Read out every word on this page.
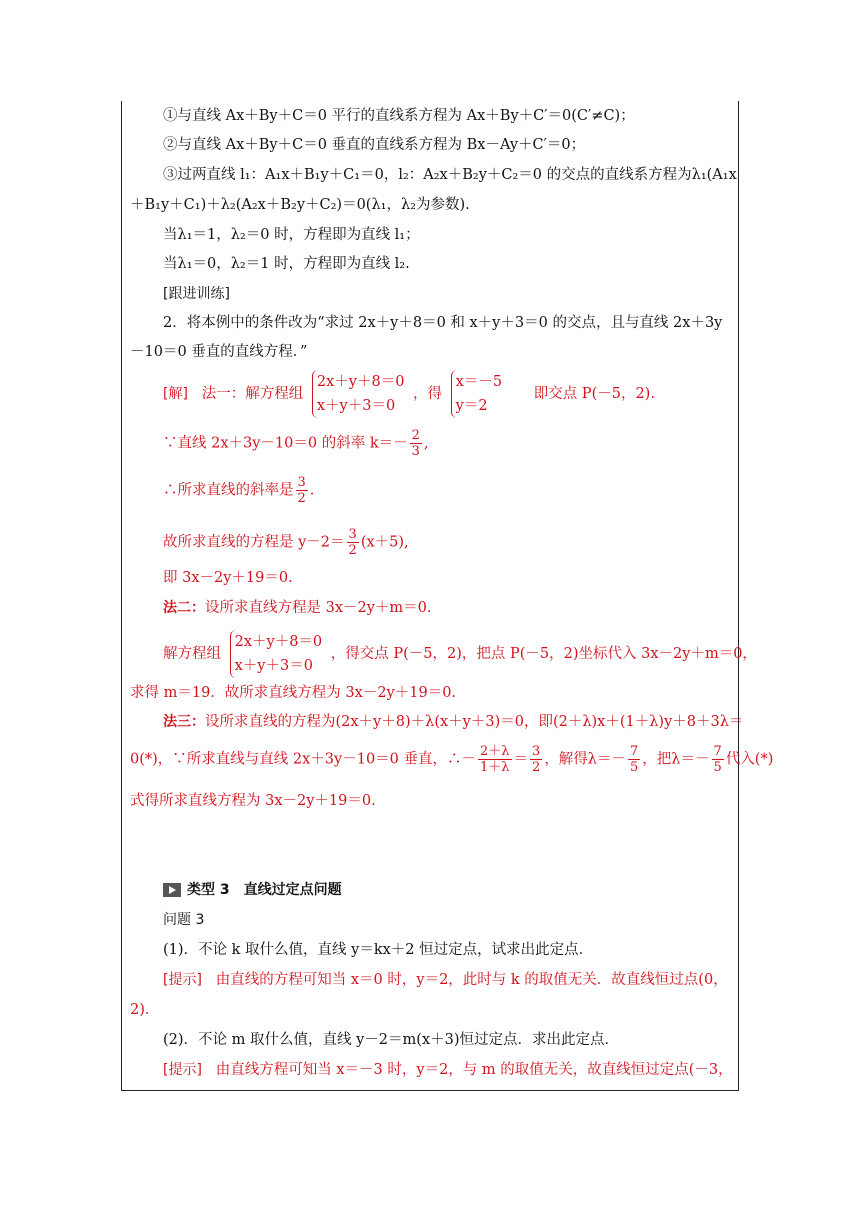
①与直线 Ax＋By＋C＝0 平行的直线系方程为 Ax＋By＋C′＝0(C′≠C)；
②与直线 Ax＋By＋C＝0 垂直的直线系方程为 Bx－Ay＋C′＝0；
③过两直线 l₁：A₁x＋B₁y＋C₁＝0，l₂：A₂x＋B₂y＋C₂＝0 的交点的直线系方程为λ₁(A₁x
＋B₁y＋C₁)＋λ₂(A₂x＋B₂y＋C₂)＝0(λ₁，λ₂为参数).
当λ₁＝1，λ₂＝0 时，方程即为直线 l₁；
当λ₁＝0，λ₂＝1 时，方程即为直线 l₂.
[跟进训练]
2．将本例中的条件改为“求过 2x＋y＋8＝0 和 x＋y＋3＝0 的交点，且与直线 2x＋3y
－10＝0 垂直的直线方程．”
[解] 法一：解方程组 2x＋y＋8＝0
x＋y＋3＝0 ，得 x＝－5
y＝2      即交点 P(－5，2).
∵直线 2x＋3y－10＝0 的斜率 $k=- \frac{2}{3}$ ,
∴所求直线的斜率是 $\frac{3}{2}$ .
故所求直线的方程是 $y-2= \frac{3}{2} (x+5)$,
即 3x－2y＋19＝0.
法二：设所求直线方程是 3x－2y＋m＝0.
解方程组 2x＋y＋8＝0
x＋y＋3＝0 ，得交点 P(－5，2)，把点 P(－5，2)坐标代入 3x－2y＋m＝0，
求得 m＝19．故所求直线方程为 3x－2y＋19＝0.
法三：设所求直线的方程为(2x＋y＋8)＋λ(x＋y＋3)＝0，即(2＋λ)x＋(1＋λ)y＋8＋3λ＝
0(*)，∵所求直线与直线 2x＋3y－10＝0 垂直，∴－ $\frac{2+\lambda}{1+\lambda} = \frac{3}{2}$ ，解得$\lambda=- \frac{7}{5}$ ，把$\lambda=- \frac{7}{5}$ 代入(*)
式得所求直线方程为 3x－2y＋19＝0.
类型 3　直线过定点问题
问题 3
(1)．不论 k 取什么值，直线 y＝kx＋2 恒过定点，试求出此定点．
[提示] 由直线的方程可知当 x＝0 时，y＝2，此时与 k 的取值无关．故直线恒过点(0，
2)．
(2)．不论 m 取什么值，直线 y－2＝m(x＋3)恒过定点．求出此定点．
[提示] 由直线方程可知当 x＝－3 时，y＝2，与 m 的取值无关，故直线恒过定点(－3，
